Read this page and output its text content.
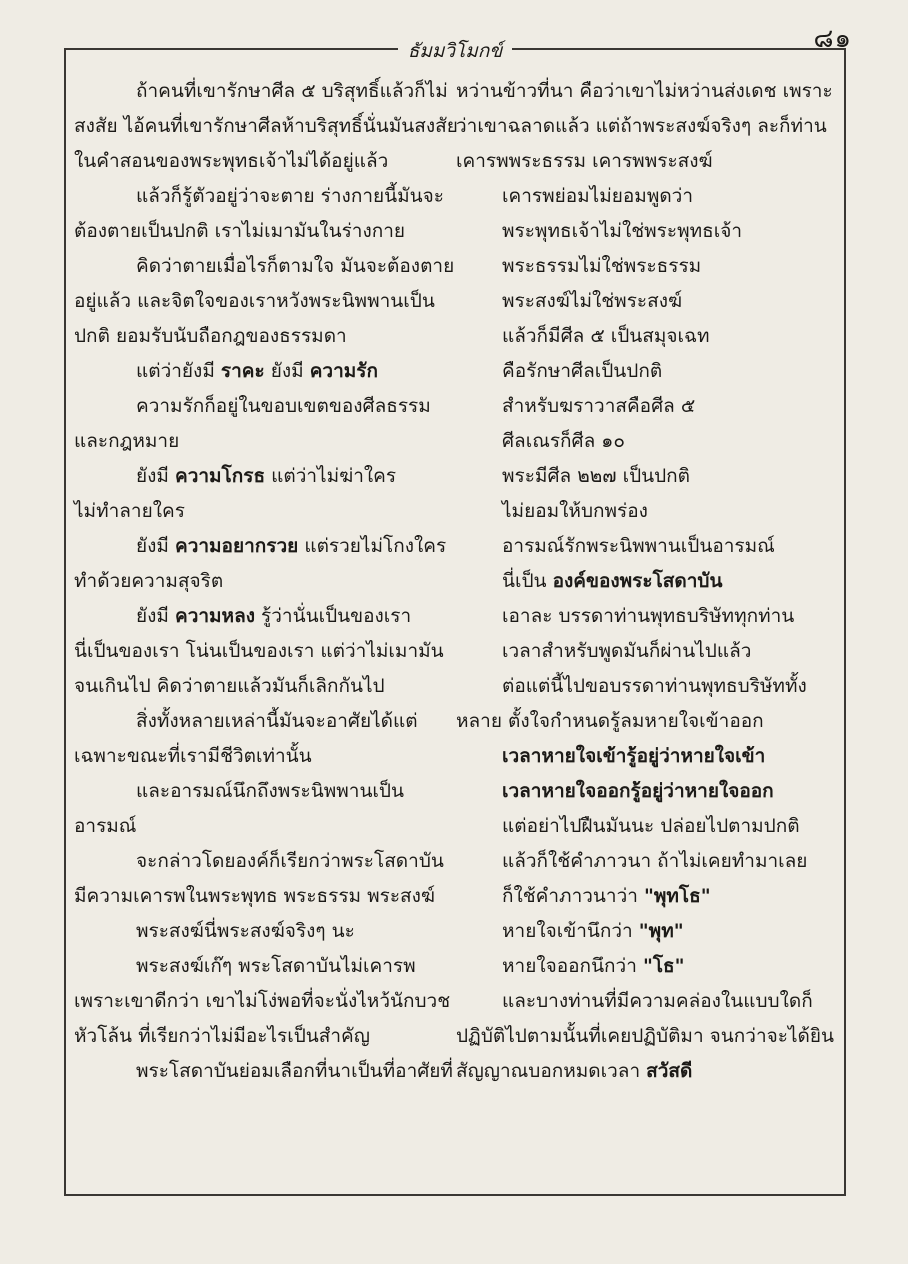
๘๑
ธัมมวิโมกข์
ถ้าคนที่เขารักษาศีล ๕ บริสุทธิ์แล้วก็ไม่
สงสัย ไอ้คนที่เขารักษาศีลห้าบริสุทธิ์นั่นมันสงสัย
ในคำสอนของพระพุทธเจ้าไม่ได้อยู่แล้ว
แล้วก็รู้ตัวอยู่ว่าจะตาย ร่างกายนี้มันจะ
ต้องตายเป็นปกติ เราไม่เมามันในร่างกาย
คิดว่าตายเมื่อไรก็ตามใจ มันจะต้องตาย
อยู่แล้ว และจิตใจของเราหวังพระนิพพานเป็น
ปกติ ยอมรับนับถือกฎของธรรมดา
แต่ว่ายังมี ราคะ ยังมี ความรัก
ความรักก็อยู่ในขอบเขตของศีลธรรม
และกฎหมาย
ยังมี ความโกรธ แต่ว่าไม่ฆ่าใคร
ไม่ทำลายใคร
ยังมี ความอยากรวย แต่รวยไม่โกงใคร
ทำด้วยความสุจริต
ยังมี ความหลง รู้ว่านั่นเป็นของเรา
นี่เป็นของเรา โน่นเป็นของเรา แต่ว่าไม่เมามัน
จนเกินไป คิดว่าตายแล้วมันก็เลิกกันไป
สิ่งทั้งหลายเหล่านี้มันจะอาศัยได้แต่
เฉพาะขณะที่เรามีชีวิตเท่านั้น
และอารมณ์นึกถึงพระนิพพานเป็น
อารมณ์
จะกล่าวโดยองค์ก็เรียกว่าพระโสดาบัน
มีความเคารพในพระพุทธ พระธรรม พระสงฆ์
พระสงฆ์นี่พระสงฆ์จริงๆ นะ
พระสงฆ์เก๊ๆ พระโสดาบันไม่เคารพ
เพราะเขาดีกว่า เขาไม่โง่พอที่จะนั่งไหว้นักบวช
หัวโล้น ที่เรียกว่าไม่มีอะไรเป็นสำคัญ
พระโสดาบันย่อมเลือกที่นาเป็นที่อาศัยที่
หว่านข้าวที่นา คือว่าเขาไม่หว่านส่งเดช เพราะ
ว่าเขาฉลาดแล้ว แต่ถ้าพระสงฆ์จริงๆ ละก็ท่าน
เคารพพระธรรม เคารพพระสงฆ์
เคารพย่อมไม่ยอมพูดว่า
พระพุทธเจ้าไม่ใช่พระพุทธเจ้า
พระธรรมไม่ใช่พระธรรม
พระสงฆ์ไม่ใช่พระสงฆ์
แล้วก็มีศีล ๕ เป็นสมุจเฉท
คือรักษาศีลเป็นปกติ
สำหรับฆราวาสคือศีล ๕
ศีลเณรก็ศีล ๑๐
พระมีศีล ๒๒๗ เป็นปกติ
ไม่ยอมให้บกพร่อง
อารมณ์รักพระนิพพานเป็นอารมณ์
นี่เป็น องค์ของพระโสดาบัน
เอาละ บรรดาท่านพุทธบริษัททุกท่าน
เวลาสำหรับพูดมันก็ผ่านไปแล้ว
ต่อแต่นี้ไปขอบรรดาท่านพุทธบริษัททั้ง
หลาย ตั้งใจกำหนดรู้ลมหายใจเข้าออก
เวลาหายใจเข้ารู้อยู่ว่าหายใจเข้า
เวลาหายใจออกรู้อยู่ว่าหายใจออก
แต่อย่าไปฝืนมันนะ ปล่อยไปตามปกติ
แล้วก็ใช้คำภาวนา ถ้าไม่เคยทำมาเลย
ก็ใช้คำภาวนาว่า "พุทโธ"
หายใจเข้านึกว่า "พุท"
หายใจออกนึกว่า "โธ"
และบางท่านที่มีความคล่องในแบบใดก็
ปฏิบัติไปตามนั้นที่เคยปฏิบัติมา จนกว่าจะได้ยิน
สัญญาณบอกหมดเวลา สวัสดี
